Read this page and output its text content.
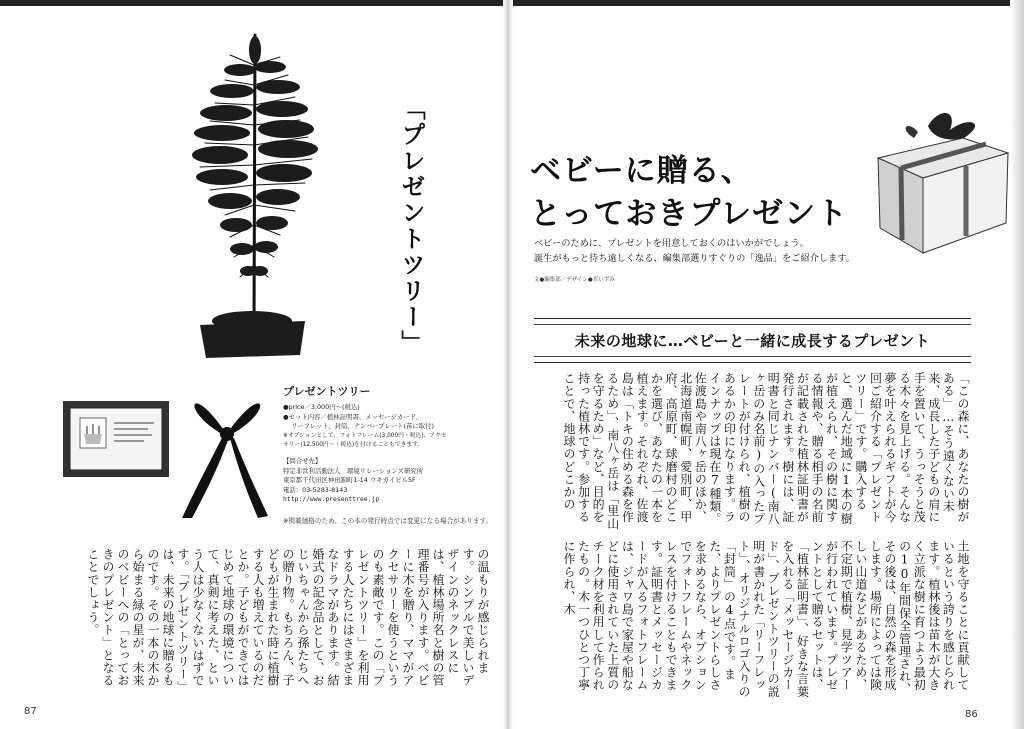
「プレゼントツリー」
プレゼントツリー
●price／3,000円～(税込)
●セット内容／植林証明書、メッセージカード、
リーフレット、封筒、ナンバープレート(苗に取付)
※オプションとして、フォトフレーム(3,000円・税込)、アクセ
サリー(12,500円～・税込)を付けることもできます。
【問合せ先】
特定非営利活動法人　環境リレーションズ研究所
東京都千代田区神田錦町1-14 ウキガイビル5F
電話：03-5283-8143
http://www.presenttree.jp
※掲載価格のため、この本の発行時点では変更になる場合があります。
の温もりが感じられます。シンプルで美しいデザインのネックレスには、植林場所名と樹の管理番号が入ります。ベビーに木を贈り、ママがアクセサリーを使うというのも素敵です。この「プレゼントツリー」を利用する人たちにはさまざまなドラマがあります。結婚式の記念品として、おじいちゃんから孫たちへの贈り物。もちろん、子どもが生まれた時に植樹する人も増えているのだとか。子どもができてはじめて地球の環境について、真剣に考えた、という人は少なくないはずです。「プレゼントツリー」は、未来の地球に贈るものです。その一本の木から始まる緑の星が、未来のベビーへの「とっておきのプレゼント」となることでしょう。
87
ベビーに贈る、
とっておきプレゼント
ベビーのために、プレゼントを用意しておくのはいかがでしょう。
誕生がもっと待ち遠しくなる、編集部選りすぐりの「逸品」をご紹介します。
文●編集部／デザイン●宮いずみ
未来の地球に…ベビーと一緒に成長するプレゼント
「この森に、あなたの樹がある」…そう遠くない未来、成長した子どもの肩に手を置いて、うっそうと茂る木々を見上げる。そんな夢を叶えられるギフトが今回ご紹介する「プレゼントツリー」です。購入すると、選んだ地域に1本の樹が植えられ、その樹に関する情報や、贈る相手の名前が記載された植林証明書が発行されます。樹には、証明書と同じナンバー(南八ヶ岳のみ名前)の入ったプレートが付けられ、植樹のあるかの印になります。ラインナップは現在7種類。佐渡島や南八ヶ岳のほか、北海道南幌町、愛別町、甲府、高原町、球磨村のどこかを選び、あなたの一本を植えます。それぞれ、佐渡島は「トキの住める森を作るため」、南八ヶ岳は「里山を守るため」など、目的を持った植林です。参加することで、地球のどこかの
土地を守ることに貢献しているという誇りを感じられます。植林後は苗木が大きく立派な樹に育つよう最初の10年間保全管理され、その後は、自然の森を形成します。場所によっては険しい山道などがあるため、不定期で植樹、見学ツアーが行われています。プレゼントとして贈るセットは、「植林証明書」、好きな言葉を入れる「メッセージカード」、プレゼントツリーの説明が書かれた「リーフレット」、オリジナルロゴ入りの「封筒」の4点です。また、よりプレゼントらしさを求めるなら、オプションでフォトフレームやネックレスを付けることもできます。証明書とメッセージカードが入るフォトフレームは、ジャワ島で家屋や船などに使用されていた上質のチーク材を利用して作られたもの。木一つひとつ丁寧に作られ、木
86
